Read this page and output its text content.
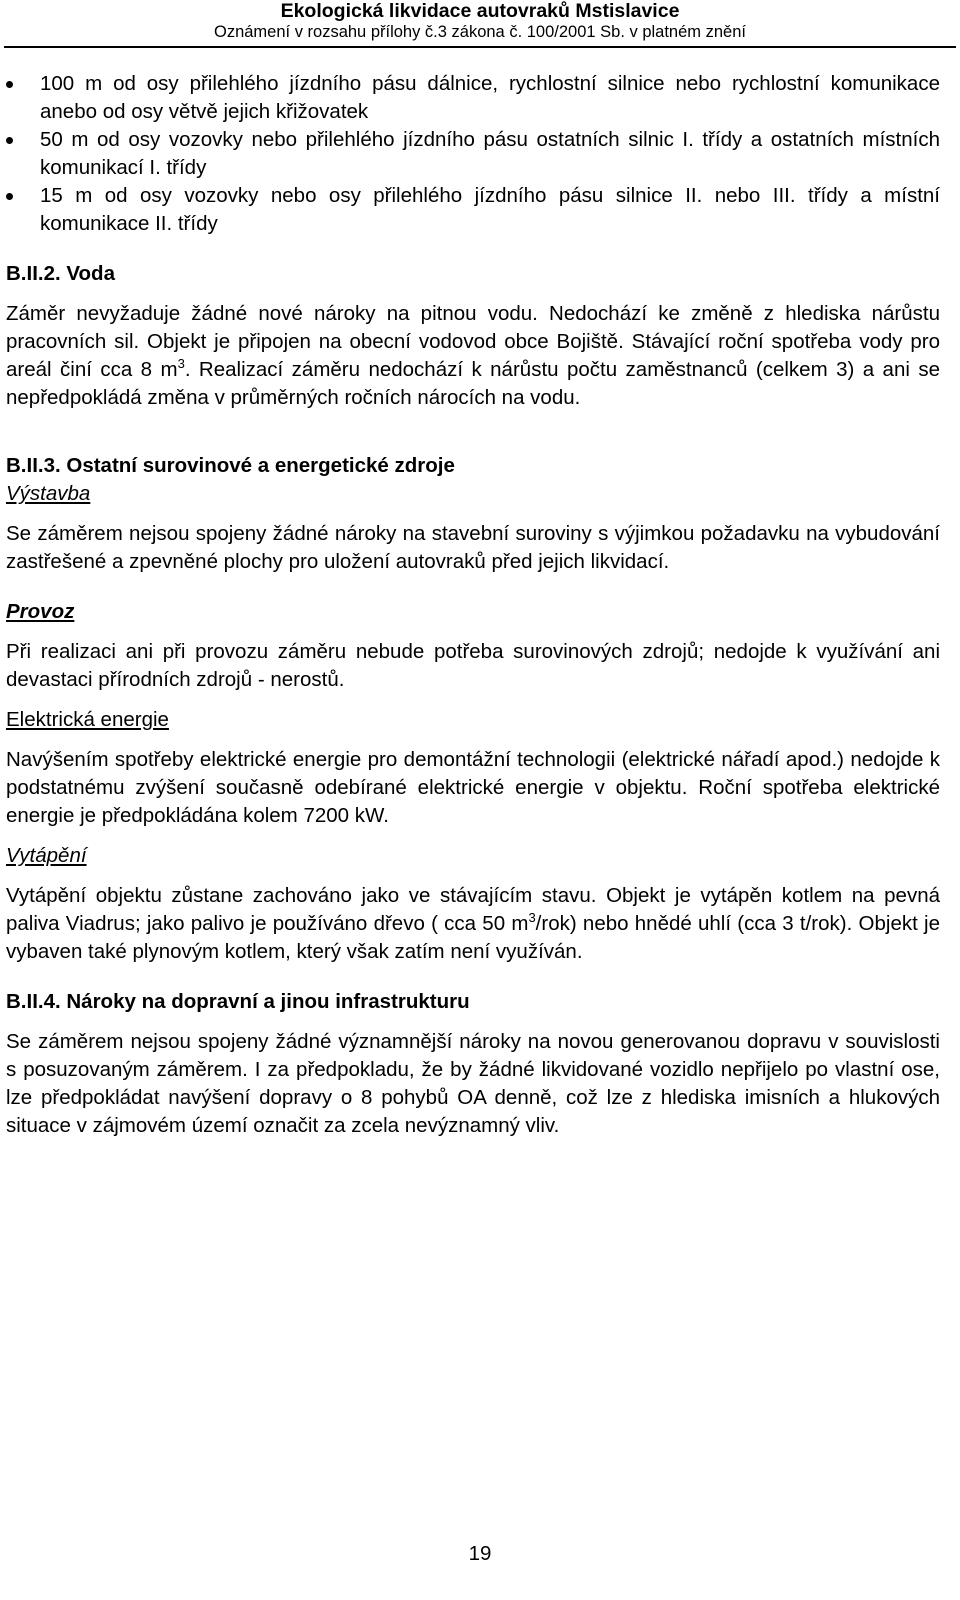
Ekologická likvidace autovraků Mstislavice
Oznámení v rozsahu přílohy č.3 zákona č. 100/2001 Sb. v platném znění
100 m od osy přilehlého jízdního pásu dálnice, rychlostní silnice nebo rychlostní komunikace anebo od osy větvě jejich křižovatek
50 m od osy vozovky nebo přilehlého jízdního pásu ostatních silnic I. třídy a ostatních místních komunikací I. třídy
15 m od osy vozovky nebo osy přilehlého jízdního pásu silnice II. nebo III. třídy a místní komunikace II. třídy
B.II.2. Voda

Záměr nevyžaduje žádné nové nároky na pitnou vodu. Nedochází ke změně z hlediska nárůstu pracovních sil. Objekt je připojen na obecní vodovod obce Bojiště. Stávající roční spotřeba vody pro areál činí cca 8 $m^3$. Realizací záměru nedochází k nárůstu počtu zaměstnanců (celkem 3) a ani se nepředpokládá změna v průměrných ročních nárocích na vodu.

B.II.3. Ostatní surovinové a energetické zdroje
Výstavba

Se záměrem nejsou spojeny žádné nároky na stavební suroviny s výjimkou požadavku na vybudování zastřešené a zpevněné plochy pro uložení autovraků před jejich likvidací.

Provoz

Při realizaci ani při provozu záměru nebude potřeba surovinových zdrojů; nedojde k využívání ani devastaci přírodních zdrojů - nerostů.

Elektrická energie

Navýšením spotřeby elektrické energie pro demontážní technologii (elektrické nářadí apod.) nedojde k podstatnému zvýšení současně odebírané elektrické energie v objektu. Roční spotřeba elektrické energie je předpokládána kolem 7200 kW.

Vytápění

Vytápění objektu zůstane zachováno jako ve stávajícím stavu. Objekt je vytápěn kotlem na pevná paliva Viadrus; jako palivo je používáno dřevo ( cca 50 $m^3/rok$) nebo hnědé uhlí (cca 3 t/rok). Objekt je vybaven také plynovým kotlem, který však zatím není využíván.

B.II.4. Nároky na dopravní a jinou infrastrukturu

Se záměrem nejsou spojeny žádné významnější nároky na novou generovanou dopravu v souvislosti s posuzovaným záměrem. I za předpokladu, že by žádné likvidované vozidlo nepřijelo po vlastní ose, lze předpokládat navýšení dopravy o 8 pohybů OA denně, což lze z hlediska imisních a hlukových situace v zájmovém území označit za zcela nevýznamný vliv.

19
